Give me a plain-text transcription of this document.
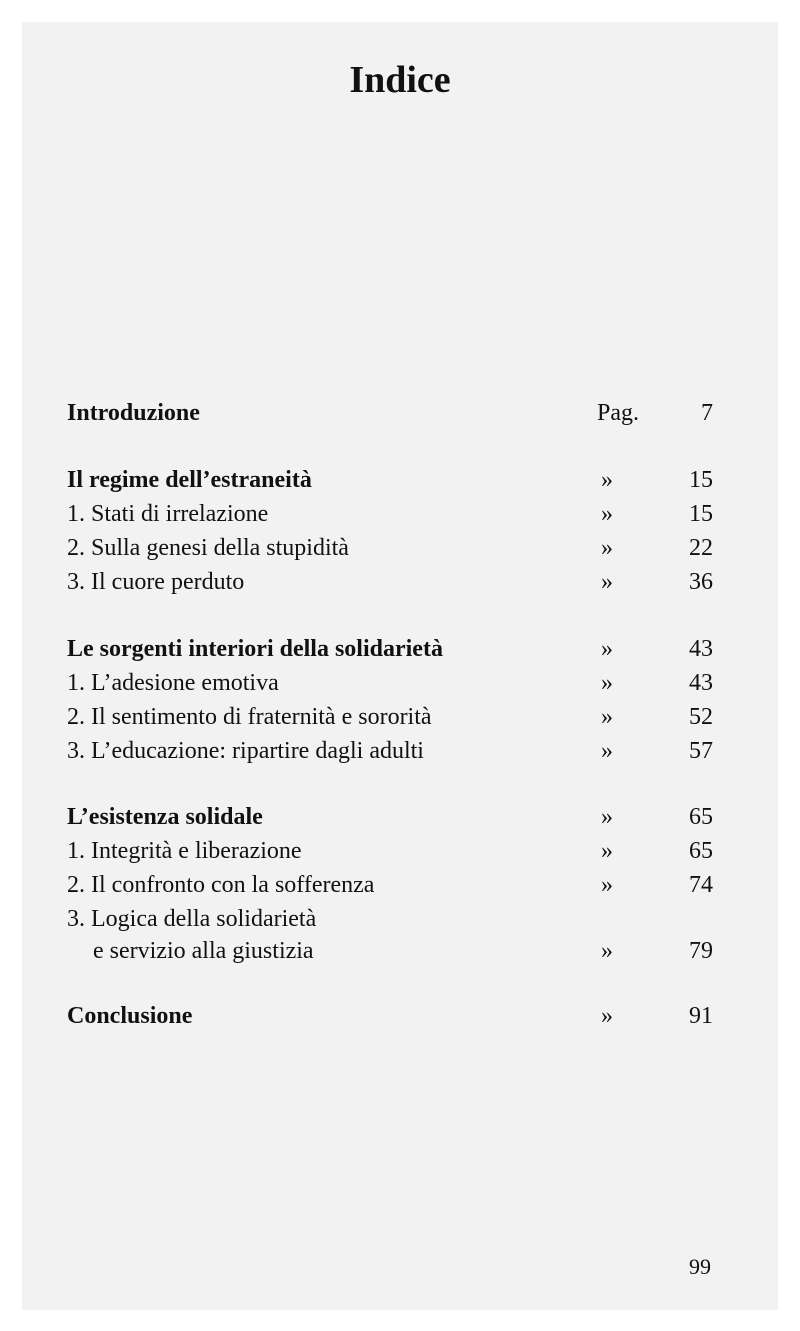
Indice
Introduzione	Pag.	7
Il regime dell’estraneità	»	15
1. Stati di irrelazione	»	15
2. Sulla genesi della stupidità	»	22
3. Il cuore perduto	»	36
Le sorgenti interiori della solidarietà	»	43
1. L’adesione emotiva	»	43
2. Il sentimento di fraternità e sororità	»	52
3. L’educazione: ripartire dagli adulti	»	57
L’esistenza solidale	»	65
1. Integrità e liberazione	»	65
2. Il confronto con la sofferenza	»	74
3. Logica della solidarietà
e servizio alla giustizia	»	79
Conclusione	»	91
99
